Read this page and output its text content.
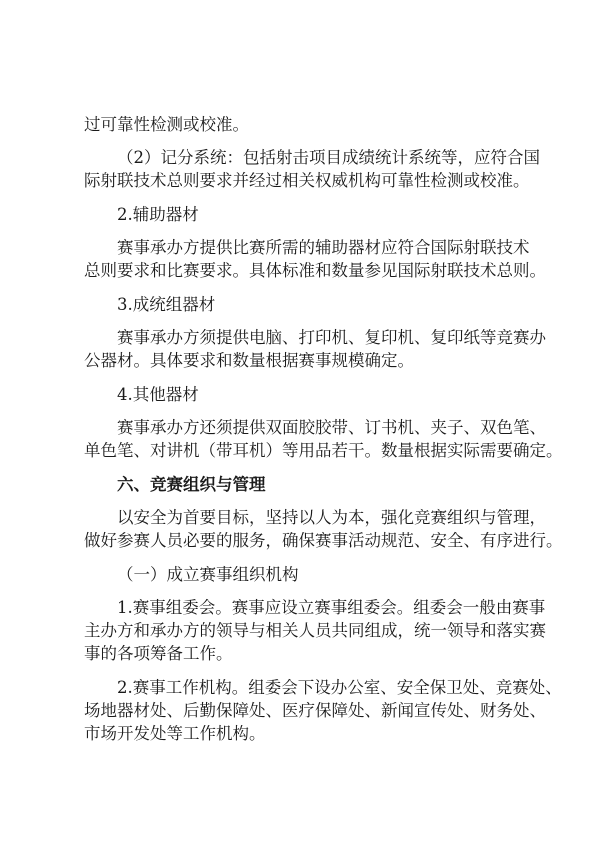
过可靠性检测或校准。
（2）记分系统：包括射击项目成绩统计系统等，应符合国
际射联技术总则要求并经过相关权威机构可靠性检测或校准。
2.辅助器材
赛事承办方提供比赛所需的辅助器材应符合国际射联技术
总则要求和比赛要求。具体标准和数量参见国际射联技术总则。
3.成统组器材
赛事承办方须提供电脑、打印机、复印机、复印纸等竞赛办
公器材。具体要求和数量根据赛事规模确定。
4.其他器材
赛事承办方还须提供双面胶胶带、订书机、夹子、双色笔、
单色笔、对讲机（带耳机）等用品若干。数量根据实际需要确定。
六、竞赛组织与管理
以安全为首要目标，坚持以人为本，强化竞赛组织与管理，
做好参赛人员必要的服务，确保赛事活动规范、安全、有序进行。
（一）成立赛事组织机构
1.赛事组委会。赛事应设立赛事组委会。组委会一般由赛事
主办方和承办方的领导与相关人员共同组成，统一领导和落实赛
事的各项筹备工作。
2.赛事工作机构。组委会下设办公室、安全保卫处、竞赛处、
场地器材处、后勤保障处、医疗保障处、新闻宣传处、财务处、
市场开发处等工作机构。
